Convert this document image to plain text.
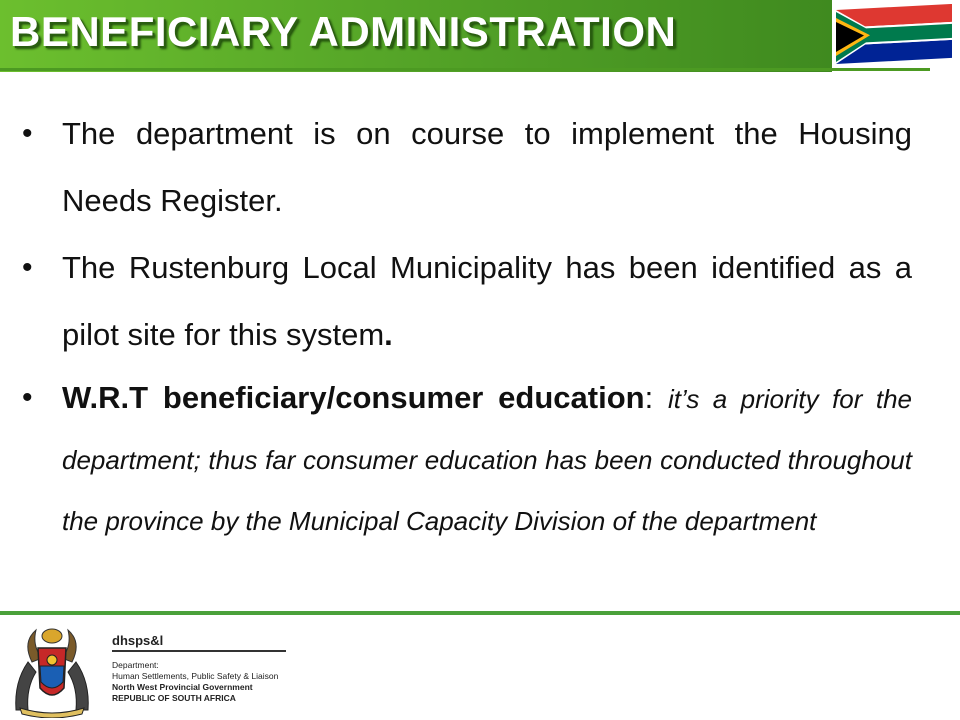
BENEFICIARY ADMINISTRATION
• The department is on course to implement the Housing Needs Register.
• The Rustenburg Local Municipality has been identified as a pilot site for this system.
• W.R.T beneficiary/consumer education: it’s a priority for the department; thus far consumer education has been conducted throughout the province by the Municipal Capacity Division of the department
dhsps&l
Department:
Human Settlements, Public Safety & Liaison
North West Provincial Government
REPUBLIC OF SOUTH AFRICA
